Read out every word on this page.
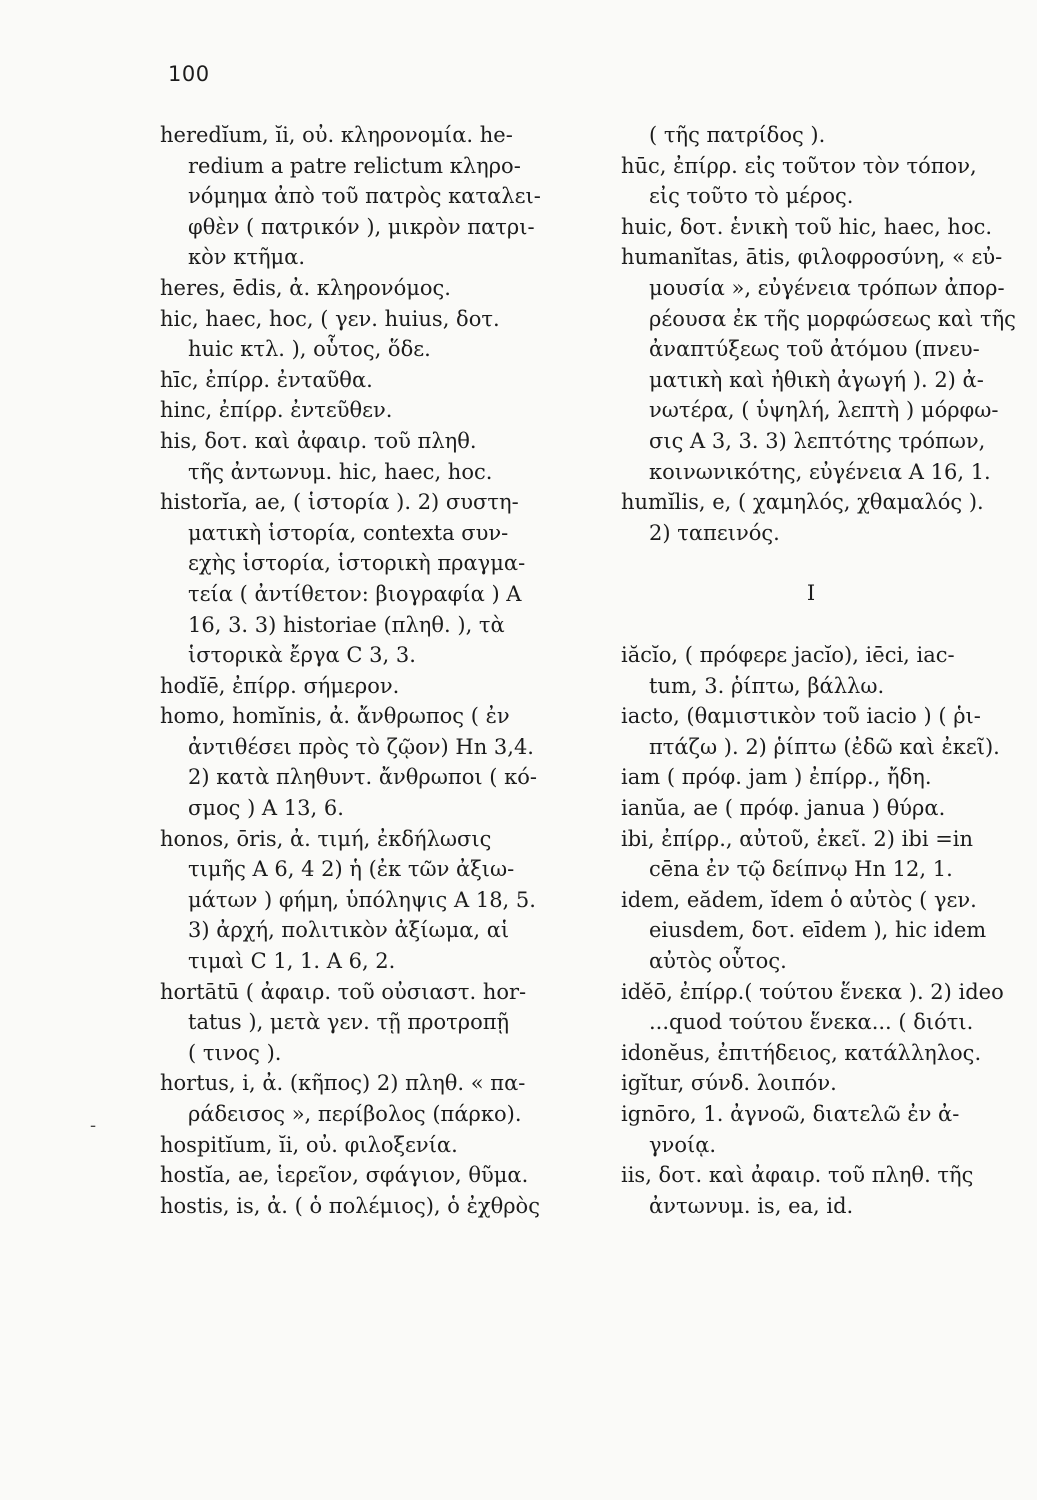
100
-
heredĭum, ĭi, οὐ. κληρονομία. he-
redium a patre relictum κληρο-
νόμημα ἀπὸ τοῦ πατρὸς καταλει-
φθὲν ( πατρικόν ), μικρὸν πατρι-
κὸν κτῆμα.
heres, ēdis, ἀ. κληρονόμος.
hic, haec, hoc, ( γεν. huius, δοτ.
huic κτλ. ), οὗτος, ὅδε.
hīc, ἐπίρρ. ἐνταῦθα.
hinc, ἐπίρρ. ἐντεῦθεν.
his, δοτ. καὶ ἀφαιρ. τοῦ πληθ.
τῆς ἀντωνυμ. hic, haec, hoc.
historĭa, ae, ( ἱστορία ). 2) συστη-
ματικὴ ἱστορία, contexta συν-
εχὴς ἱστορία, ἱστορικὴ πραγμα-
τεία ( ἀντίθετον: βιογραφία ) A
16, 3. 3) historiae (πληθ. ), τὰ
ἱστορικὰ ἔργα C 3, 3.
hodĭē, ἐπίρρ. σήμερον.
homo, homĭnis, ἀ. ἄνθρωπος ( ἐν
ἀντιθέσει πρὸς τὸ ζῷον) Hn 3,4.
2) κατὰ πληθυντ. ἄνθρωποι ( κό-
σμος ) A 13, 6.
honos, ōris, ἀ. τιμή, ἐκδήλωσις
τιμῆς A 6, 4 2) ἡ (ἐκ τῶν ἀξιω-
μάτων ) φήμη, ὑπόληψις A 18, 5.
3) ἀρχή, πολιτικὸν ἀξίωμα, αἱ
τιμαὶ C 1, 1. A 6, 2.
hortātū ( ἀφαιρ. τοῦ οὐσιαστ. hor-
tatus ), μετὰ γεν. τῇ προτροπῇ
( τινος ).
hortus, i, ἀ. (κῆπος) 2) πληθ. « πα-
ράδεισος », περίβολος (πάρκο).
hospitĭum, ĭi, οὐ. φιλοξενία.
hostĭa, ae, ἱερεῖον, σφάγιον, θῦμα.
hostis, is, ἀ. ( ὁ πολέμιος), ὁ ἐχθρὸς
( τῆς πατρίδος ).
hūc, ἐπίρρ. εἰς τοῦτον τὸν τόπον,
εἰς τοῦτο τὸ μέρος.
huic, δοτ. ἑνικὴ τοῦ hic, haec, hoc.
humanĭtas, ātis, φιλοφροσύνη, « εὐ-
μουσία », εὐγένεια τρόπων ἀπορ-
ρέουσα ἐκ τῆς μορφώσεως καὶ τῆς
ἀναπτύξεως τοῦ ἀτόμου (πνευ-
ματικὴ καὶ ἠθικὴ ἀγωγή ). 2) ἀ-
νωτέρα, ( ὑψηλή, λεπτὴ ) μόρφω-
σις A 3, 3. 3) λεπτότης τρόπων,
κοινωνικότης, εὐγένεια A 16, 1.
humĭlis, e, ( χαμηλός, χθαμαλός ).
2) ταπεινός.
I
iăcĭo, ( πρόφερε jacĭo), iēci, iac-
tum, 3. ῥίπτω, βάλλω.
iacto, (θαμιστικὸν τοῦ iacio ) ( ῥι-
πτάζω ). 2) ῥίπτω (ἐδῶ καὶ ἐκεῖ).
iam ( πρόφ. jam ) ἐπίρρ., ἤδη.
ianŭa, ae ( πρόφ. janua ) θύρα.
ibi, ἐπίρρ., αὐτοῦ, ἐκεῖ. 2) ibi =in
cēna ἐν τῷ δείπνῳ Hn 12, 1.
idem, eădem, ĭdem ὁ αὐτὸς ( γεν.
eiusdem, δοτ. eīdem ), hic idem
αὐτὸς οὗτος.
idĕō, ἐπίρρ.( τούτου ἕνεκα ). 2) ideo
...quod τούτου ἕνεκα... ( διότι.
idonĕus, ἐπιτήδειος, κατάλληλος.
igĭtur, σύνδ. λοιπόν.
ignōro, 1. ἀγνοῶ, διατελῶ ἐν ἀ-
γνοίᾳ.
iis, δοτ. καὶ ἀφαιρ. τοῦ πληθ. τῆς
ἀντωνυμ. is, ea, id.
